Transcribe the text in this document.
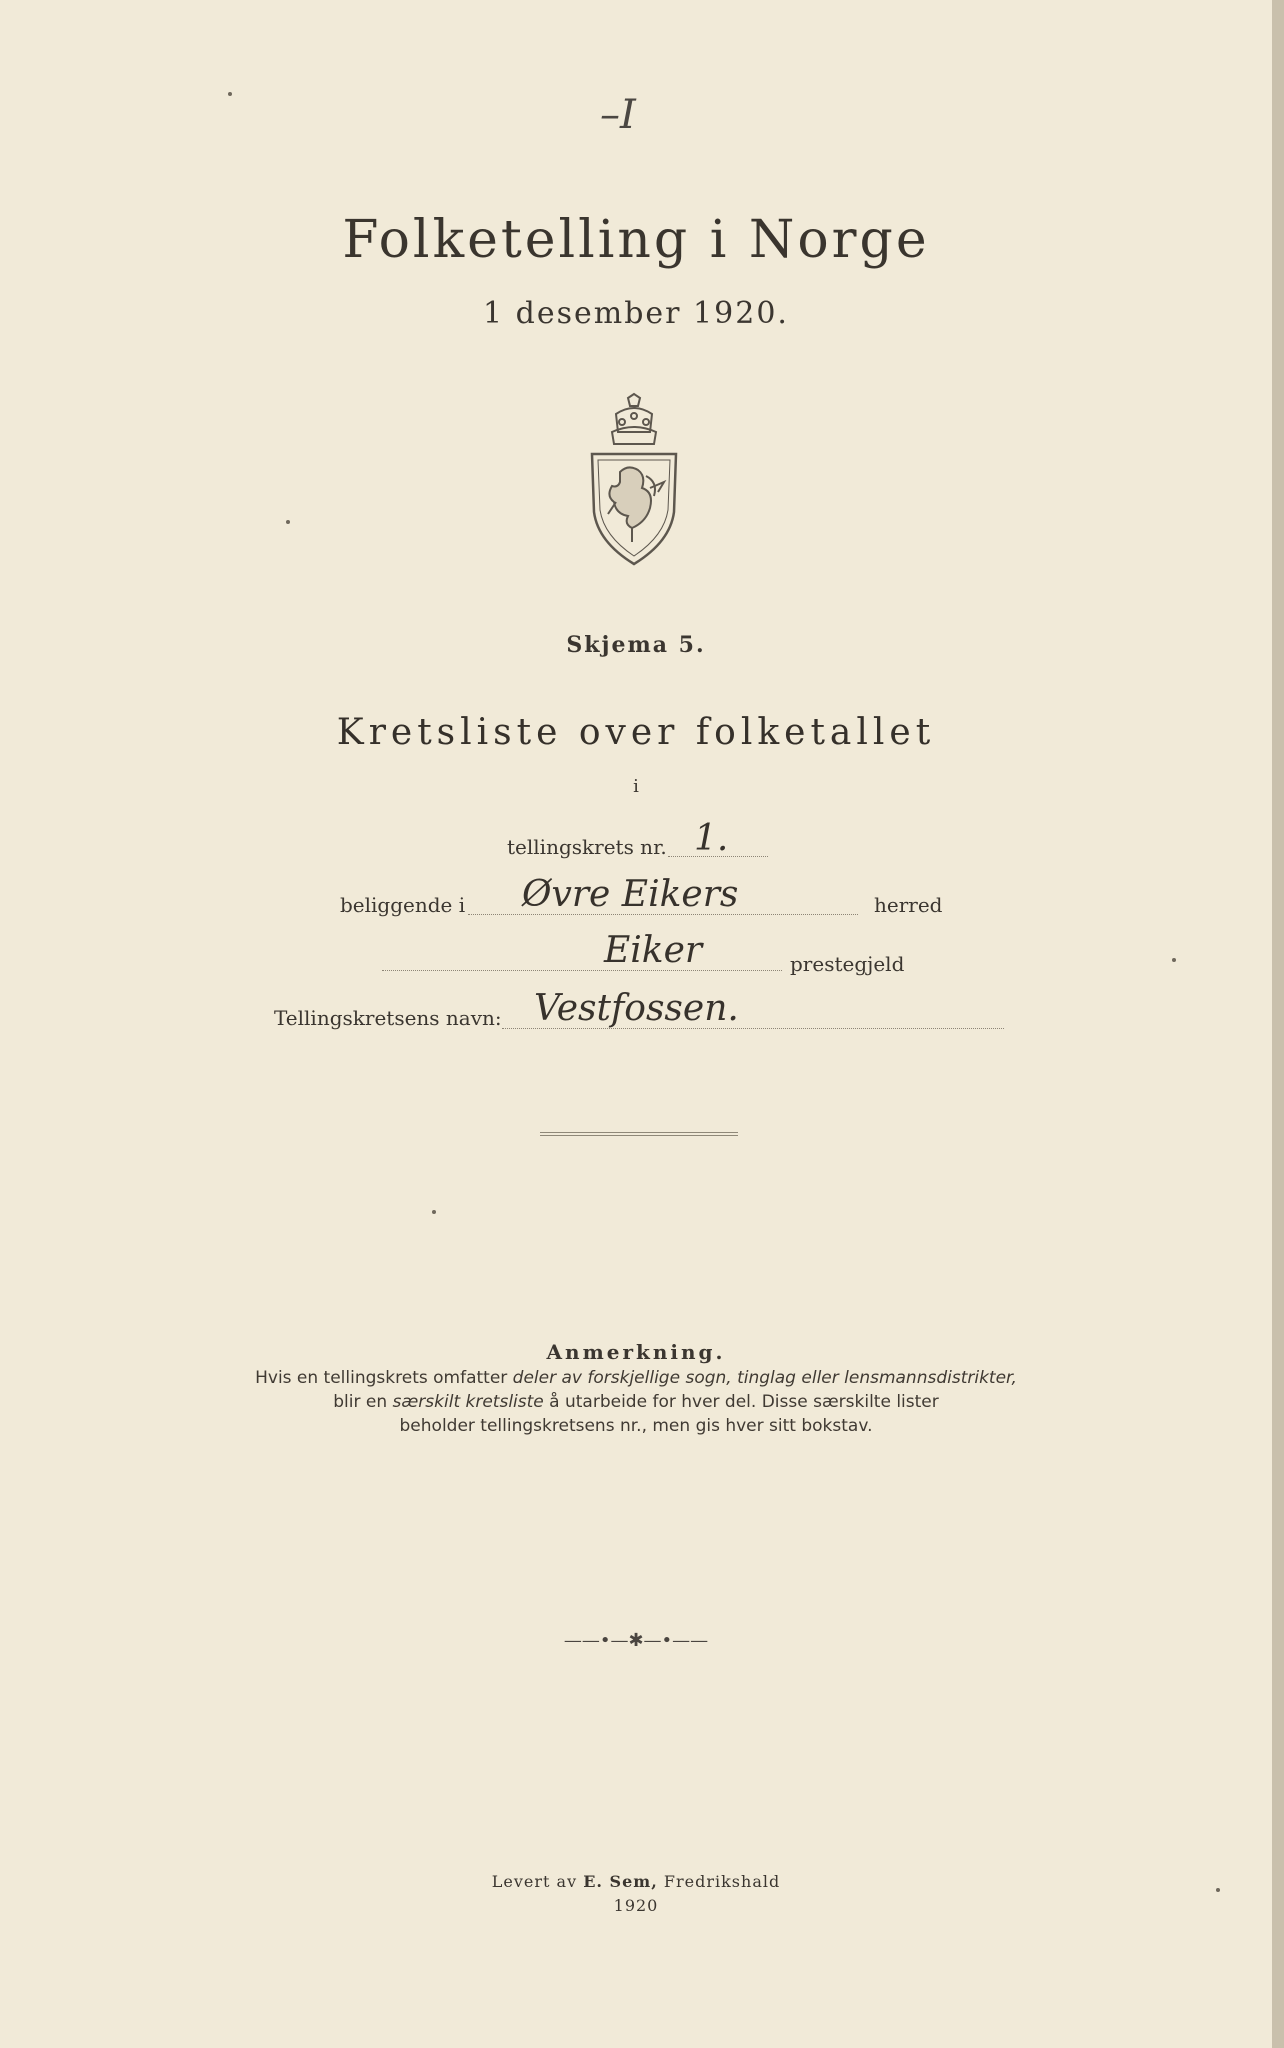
–I
Folketelling i Norge
1 desember 1920.
Skjema 5.
Kretsliste over folketallet
i
tellingskrets nr. 1.
beliggende i Øvre Eikers	herred
Eiker	prestegjeld
Tellingskretsens navn: Vestfossen.
Anmerkning.
Hvis en tellingskrets omfatter deler av forskjellige sogn, tinglag eller lensmannsdistrikter,
blir en særskilt kretsliste å utarbeide for hver del. Disse særskilte lister
beholder tellingskretsens nr., men gis hver sitt bokstav.
——•—✱—•——
Levert av E. Sem, Fredrikshald
1920
